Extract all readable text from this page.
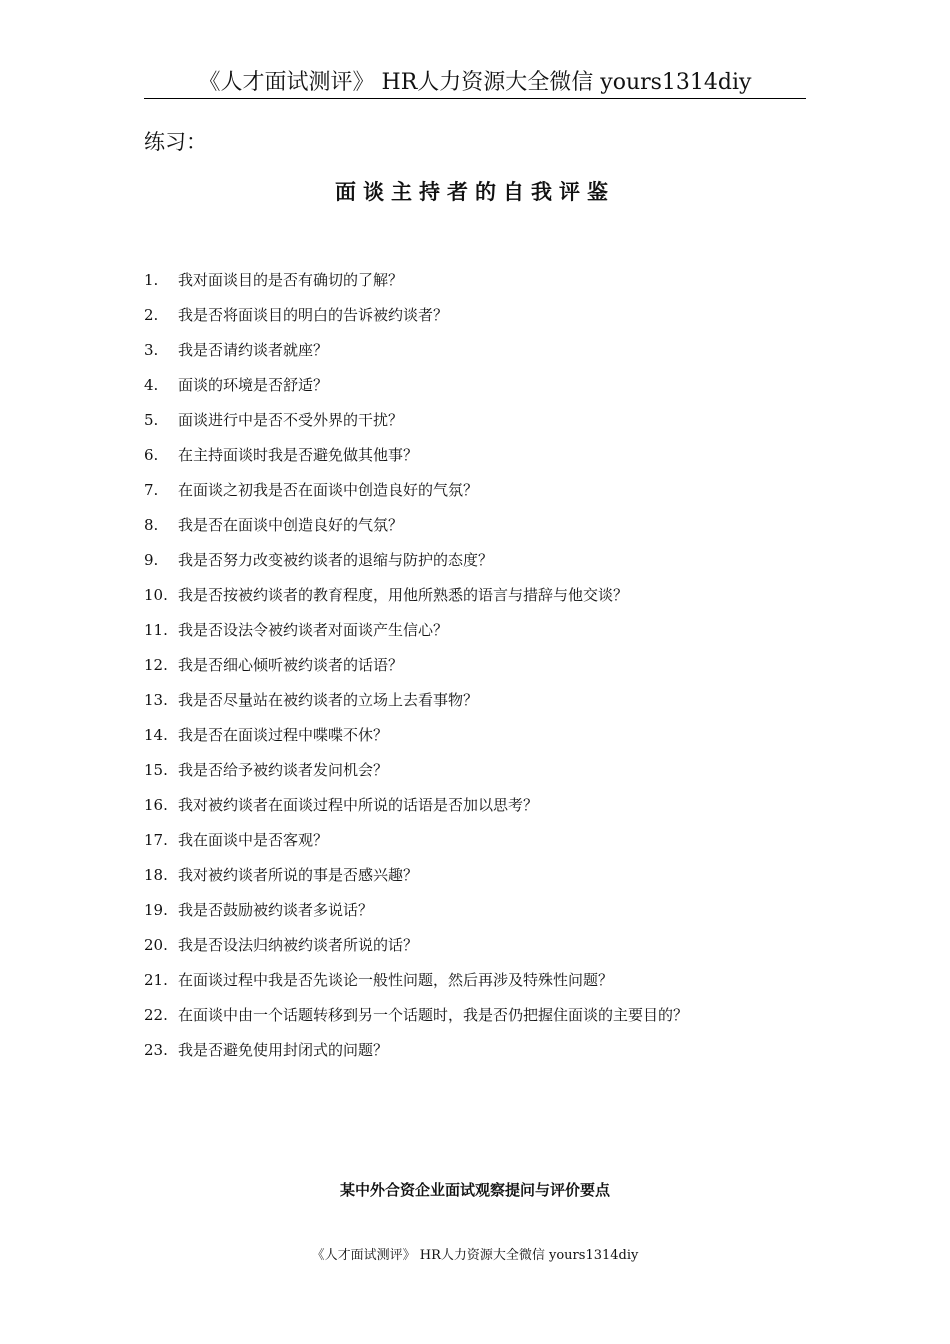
《人才面试测评》 HR人力资源大全微信 yours1314diy
练习：
面谈主持者的自我评鉴
1.	我对面谈目的是否有确切的了解？
2.	我是否将面谈目的明白的告诉被约谈者？
3.	我是否请约谈者就座？
4.	面谈的环境是否舒适？
5.	面谈进行中是否不受外界的干扰？
6.	在主持面谈时我是否避免做其他事？
7.	在面谈之初我是否在面谈中创造良好的气氛？
8.	我是否在面谈中创造良好的气氛？
9.	我是否努力改变被约谈者的退缩与防护的态度？
10. 我是否按被约谈者的教育程度，用他所熟悉的语言与措辞与他交谈？
11. 我是否设法令被约谈者对面谈产生信心？
12. 我是否细心倾听被约谈者的话语？
13. 我是否尽量站在被约谈者的立场上去看事物？
14. 我是否在面谈过程中喋喋不休？
15. 我是否给予被约谈者发问机会？
16. 我对被约谈者在面谈过程中所说的话语是否加以思考？
17. 我在面谈中是否客观？
18. 我对被约谈者所说的事是否感兴趣？
19. 我是否鼓励被约谈者多说话？
20. 我是否设法归纳被约谈者所说的话？
21. 在面谈过程中我是否先谈论一般性问题，然后再涉及特殊性问题？
22. 在面谈中由一个话题转移到另一个话题时，我是否仍把握住面谈的主要目的？
23. 我是否避免使用封闭式的问题？
某中外合资企业面试观察提问与评价要点
《人才面试测评》 HR人力资源大全微信 yours1314diy
